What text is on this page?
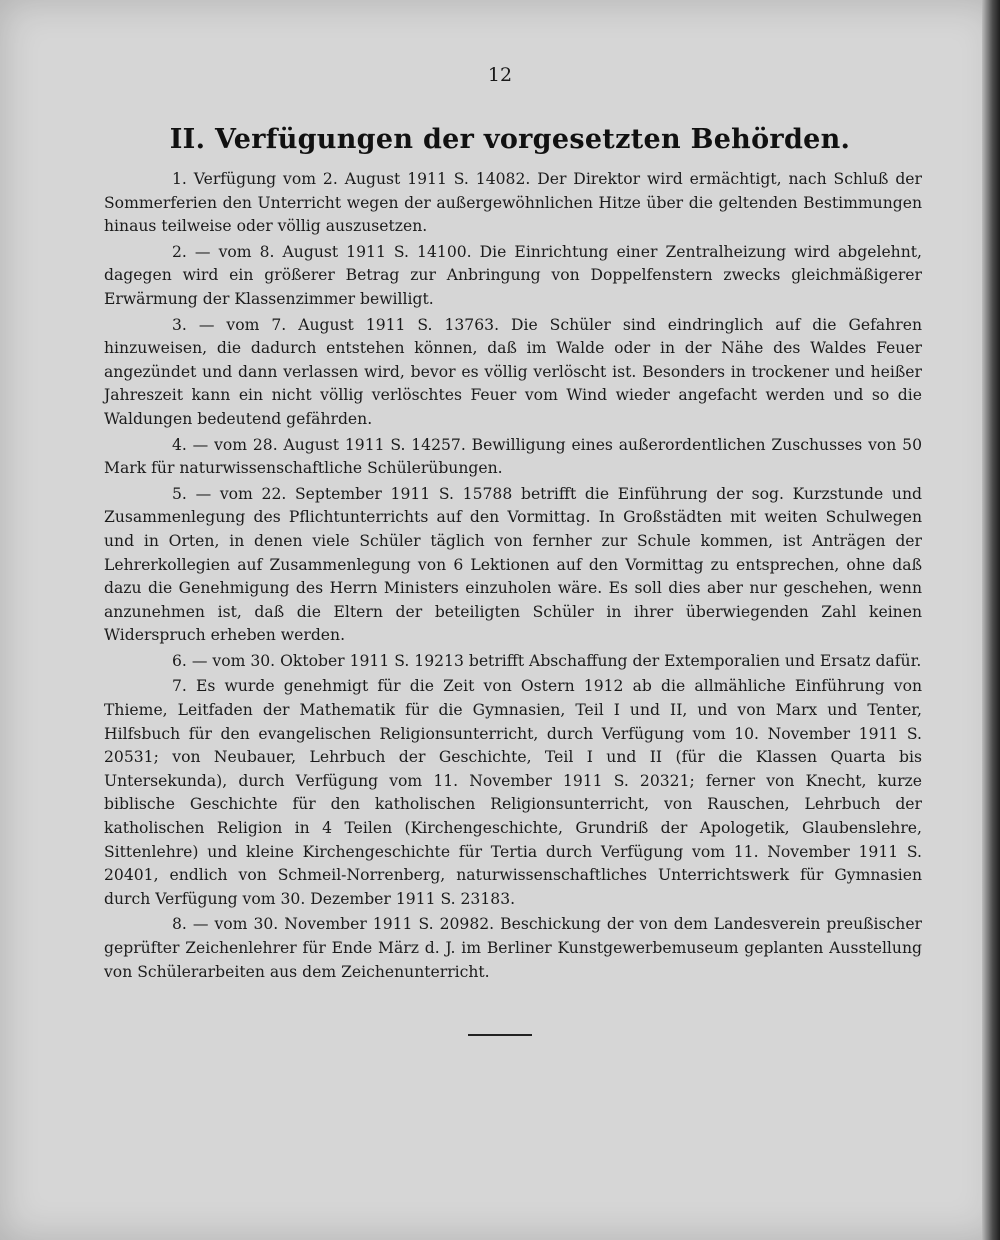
12
II. Verfügungen der vorgesetzten Behörden.

1. Verfügung vom 2. August 1911 S. 14082. Der Direktor wird ermächtigt, nach Schluß der Sommerferien den Unterricht wegen der außergewöhnlichen Hitze über die geltenden Bestimmungen hinaus teilweise oder völlig auszusetzen.

2. — vom 8. August 1911 S. 14100. Die Einrichtung einer Zentralheizung wird abgelehnt, dagegen wird ein größerer Betrag zur Anbringung von Doppelfenstern zwecks gleichmäßigerer Erwärmung der Klassenzimmer bewilligt.

3. — vom 7. August 1911 S. 13763. Die Schüler sind eindringlich auf die Gefahren hinzuweisen, die dadurch entstehen können, daß im Walde oder in der Nähe des Waldes Feuer angezündet und dann verlassen wird, bevor es völlig verlöscht ist. Besonders in trockener und heißer Jahreszeit kann ein nicht völlig verlöschtes Feuer vom Wind wieder angefacht werden und so die Waldungen bedeutend gefährden.

4. — vom 28. August 1911 S. 14257. Bewilligung eines außerordentlichen Zuschusses von 50 Mark für naturwissenschaftliche Schülerübungen.

5. — vom 22. September 1911 S. 15788 betrifft die Einführung der sog. Kurzstunde und Zusammenlegung des Pflichtunterrichts auf den Vormittag. In Großstädten mit weiten Schulwegen und in Orten, in denen viele Schüler täglich von fernher zur Schule kommen, ist Anträgen der Lehrerkollegien auf Zusammenlegung von 6 Lektionen auf den Vormittag zu entsprechen, ohne daß dazu die Genehmigung des Herrn Ministers einzuholen wäre. Es soll dies aber nur geschehen, wenn anzunehmen ist, daß die Eltern der beteiligten Schüler in ihrer überwiegenden Zahl keinen Widerspruch erheben werden.

6. — vom 30. Oktober 1911 S. 19213 betrifft Abschaffung der Extemporalien und Ersatz dafür.

7. Es wurde genehmigt für die Zeit von Ostern 1912 ab die allmähliche Einführung von Thieme, Leitfaden der Mathematik für die Gymnasien, Teil I und II, und von Marx und Tenter, Hilfsbuch für den evangelischen Religionsunterricht, durch Verfügung vom 10. November 1911 S. 20531; von Neubauer, Lehrbuch der Geschichte, Teil I und II (für die Klassen Quarta bis Untersekunda), durch Verfügung vom 11. November 1911 S. 20321; ferner von Knecht, kurze biblische Geschichte für den katholischen Religionsunterricht, von Rauschen, Lehrbuch der katholischen Religion in 4 Teilen (Kirchengeschichte, Grundriß der Apologetik, Glaubenslehre, Sittenlehre) und kleine Kirchengeschichte für Tertia durch Verfügung vom 11. November 1911 S. 20401, endlich von Schmeil-Norrenberg, naturwissenschaftliches Unterrichtswerk für Gymnasien durch Verfügung vom 30. Dezember 1911 S. 23183.

8. — vom 30. November 1911 S. 20982. Beschickung der von dem Landesverein preußischer geprüfter Zeichenlehrer für Ende März d. J. im Berliner Kunstgewerbemuseum geplanten Ausstellung von Schülerarbeiten aus dem Zeichenunterricht.
